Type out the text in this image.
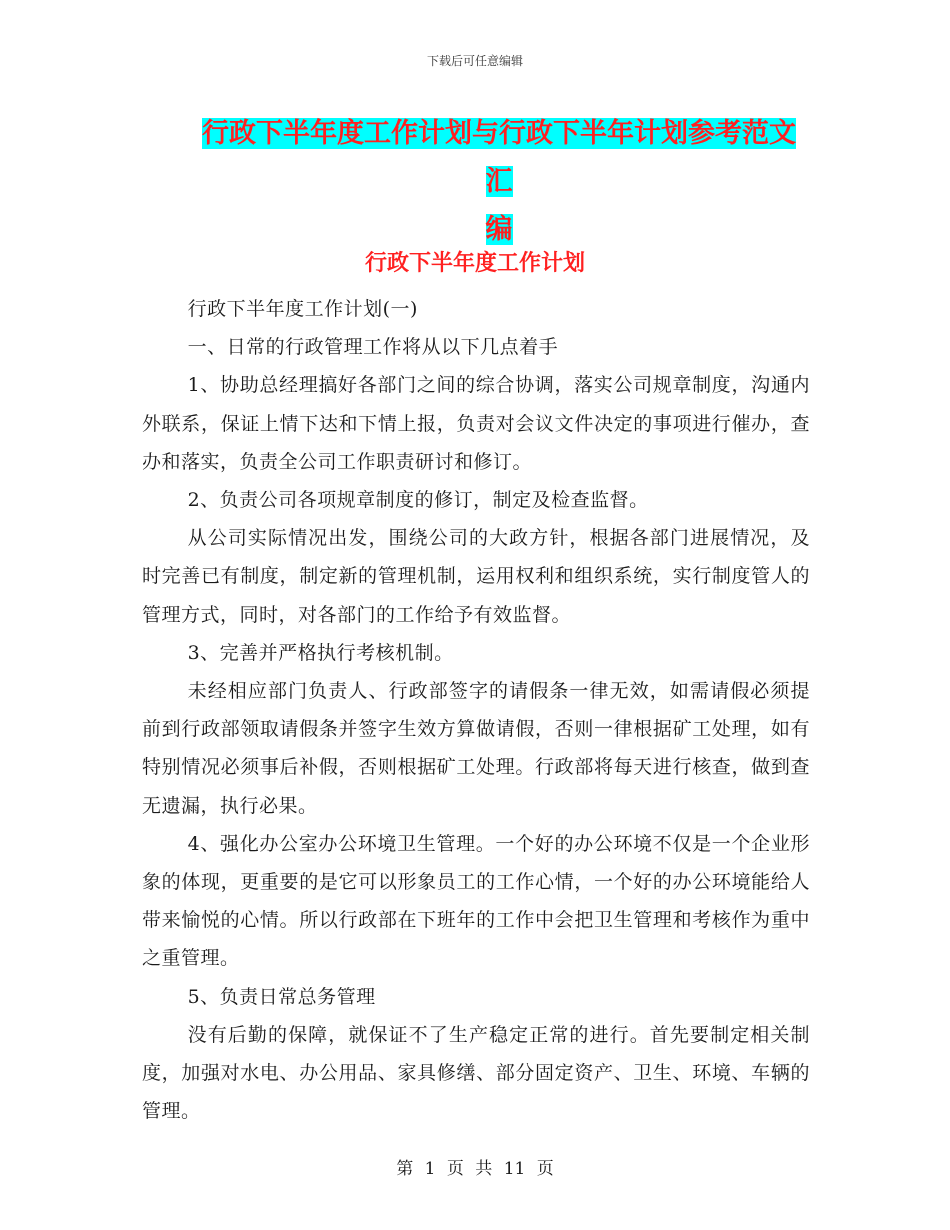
下载后可任意编辑
行政下半年度工作计划与行政下半年计划参考范文汇
编
行政下半年度工作计划

行政下半年度工作计划(一)

一、日常的行政管理工作将从以下几点着手

1、协助总经理搞好各部门之间的综合协调，落实公司规章制度，沟通内外联系，保证上情下达和下情上报，负责对会议文件决定的事项进行催办，查办和落实，负责全公司工作职责研讨和修订。

2、负责公司各项规章制度的修订，制定及检查监督。

从公司实际情况出发，围绕公司的大政方针，根据各部门进展情况，及时完善已有制度，制定新的管理机制，运用权利和组织系统，实行制度管人的管理方式，同时，对各部门的工作给予有效监督。

3、完善并严格执行考核机制。

未经相应部门负责人、行政部签字的请假条一律无效，如需请假必须提前到行政部领取请假条并签字生效方算做请假，否则一律根据矿工处理，如有特别情况必须事后补假，否则根据矿工处理。行政部将每天进行核查，做到查无遗漏，执行必果。

4、强化办公室办公环境卫生管理。一个好的办公环境不仅是一个企业形象的体现，更重要的是它可以形象员工的工作心情，一个好的办公环境能给人带来愉悦的心情。所以行政部在下班年的工作中会把卫生管理和考核作为重中之重管理。

5、负责日常总务管理

没有后勤的保障，就保证不了生产稳定正常的进行。首先要制定相关制度，加强对水电、办公用品、家具修缮、部分固定资产、卫生、环境、车辆的管理。

第 1 页 共 11 页
